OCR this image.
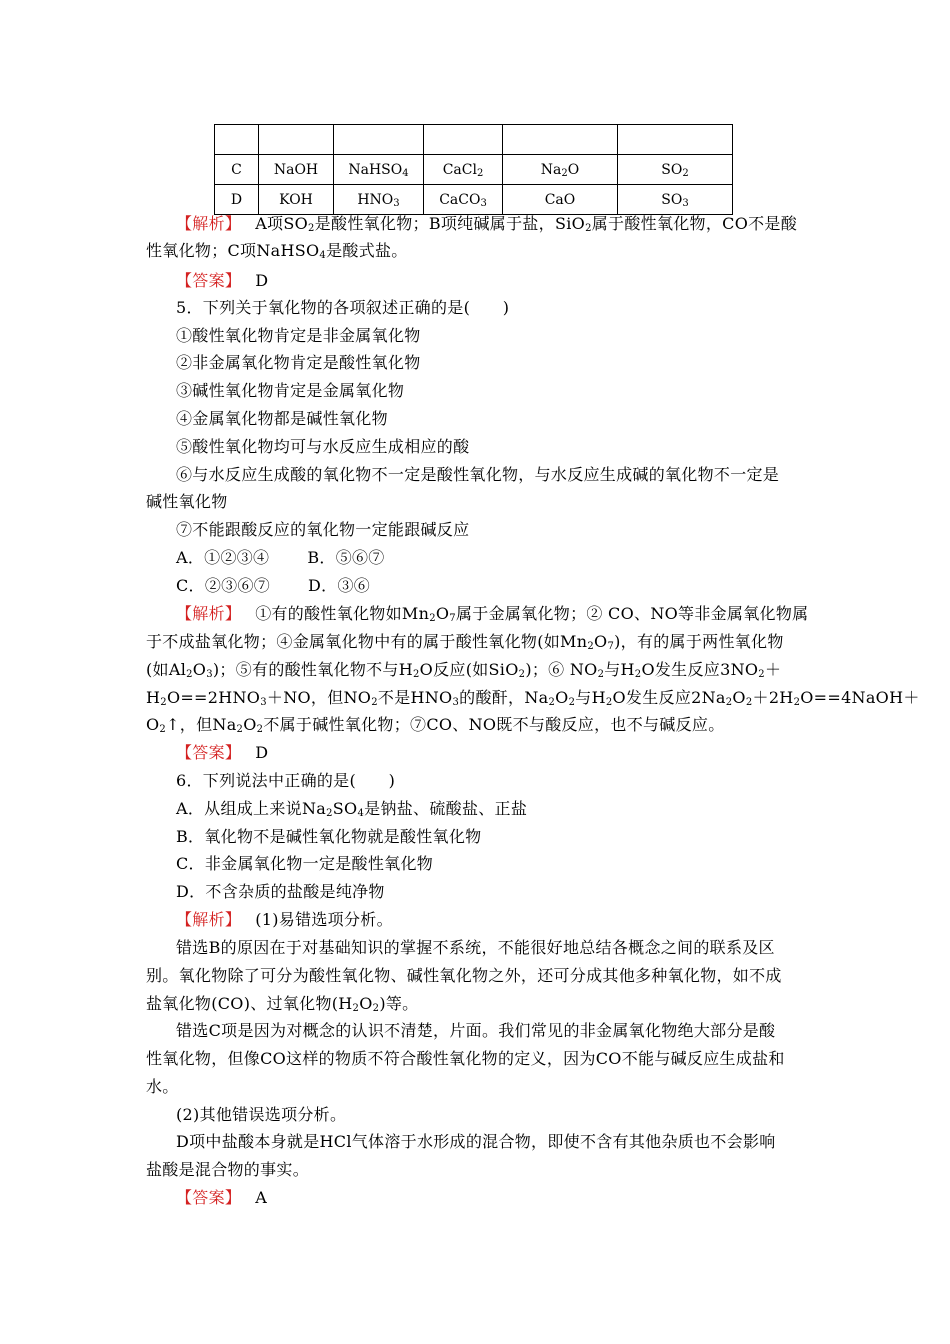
C	NaOH	NaHSO$_4$	CaCl$_2$	$Na_2O$	$SO_2$
D	KOH	$HNO_3$	CaCO$_3$	CaO	$SO_3$
【解析】 A项$SO_2$是酸性氧化物；B项纯碱属于盐，SiO$_2$属于酸性氧化物，CO不是酸
性氧化物；C项NaHSO$_4$是酸式盐。
【答案】 D
5．下列关于氧化物的各项叙述正确的是(　　)
①酸性氧化物肯定是非金属氧化物
②非金属氧化物肯定是酸性氧化物
③碱性氧化物肯定是金属氧化物
④金属氧化物都是碱性氧化物
⑤酸性氧化物均可与水反应生成相应的酸
⑥与水反应生成酸的氧化物不一定是酸性氧化物，与水反应生成碱的氧化物不一定是
碱性氧化物
⑦不能跟酸反应的氧化物一定能跟碱反应
A．①②③④　　 B．⑤⑥⑦
C．②③⑥⑦　　 D．③⑥
【解析】 ①有的酸性氧化物如$Mn_2O_7$属于金属氧化物；② CO、NO等非金属氧化物属
于不成盐氧化物；④金属氧化物中有的属于酸性氧化物(如$Mn_2O_7$)，有的属于两性氧化物
(如$Al_2O_3$)；⑤有的酸性氧化物不与$H_2O$反应(如SiO$_2$)；⑥ $NO_2$与$H_2O$发生反应$3NO_2+$
$H_2O==2HNO_3+NO$，但$NO_2$不是$HNO_3$的酸酐，$Na_2O_2$与$H_2O$发生反应$2Na_2O_2+2H_2O==4NaOH+$
$O_2↑$，但$Na_2O_2$不属于碱性氧化物；⑦CO、NO既不与酸反应，也不与碱反应。
【答案】 D
6．下列说法中正确的是(　　)
A．从组成上来说$Na_2SO_4$是钠盐、硫酸盐、正盐
B．氧化物不是碱性氧化物就是酸性氧化物
C．非金属氧化物一定是酸性氧化物
D．不含杂质的盐酸是纯净物
【解析】 (1)易错选项分析。
错选B的原因在于对基础知识的掌握不系统，不能很好地总结各概念之间的联系及区
别。氧化物除了可分为酸性氧化物、碱性氧化物之外，还可分成其他多种氧化物，如不成
盐氧化物(CO)、过氧化物$(H_2O_2)$等。
错选C项是因为对概念的认识不清楚，片面。我们常见的非金属氧化物绝大部分是酸
性氧化物，但像CO这样的物质不符合酸性氧化物的定义，因为CO不能与碱反应生成盐和
水。
(2)其他错误选项分析。
D项中盐酸本身就是HCl气体溶于水形成的混合物，即使不含有其他杂质也不会影响
盐酸是混合物的事实。
【答案】 A
